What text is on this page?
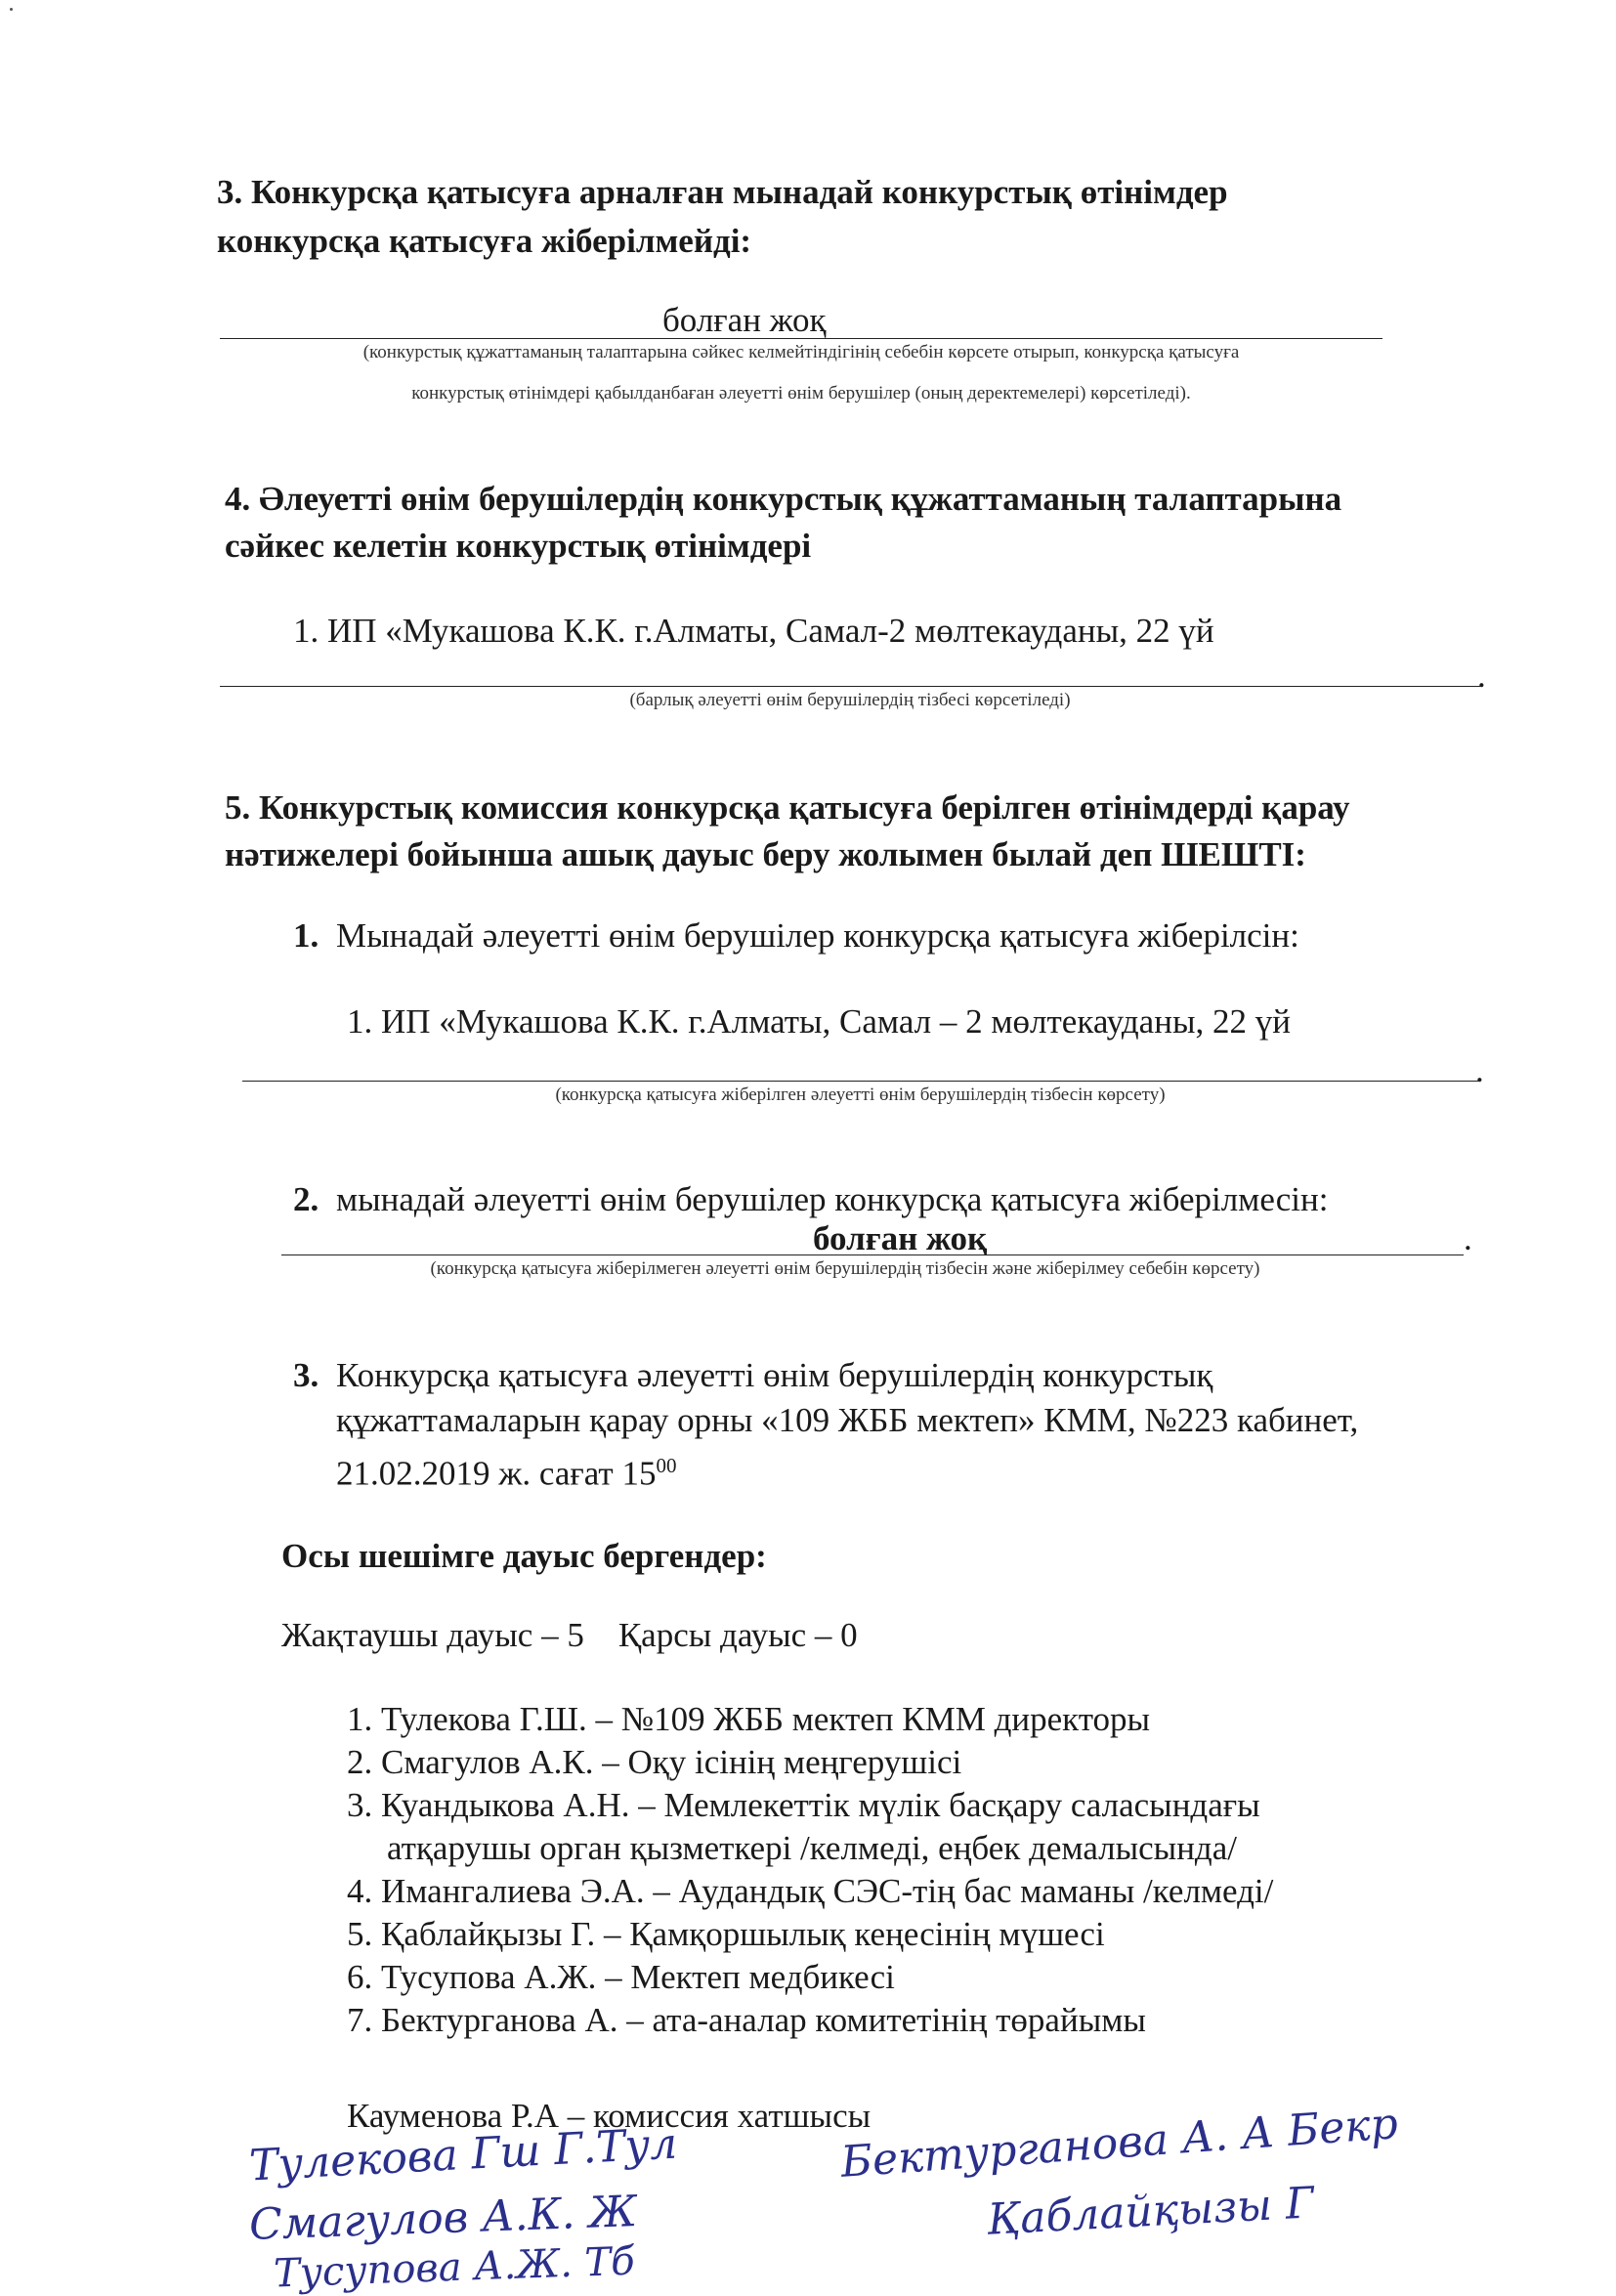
3. Конкурсқа қатысуға арналған мынадай конкурстық өтінімдер
конкурсқа қатысуға жіберілмейді:
болған жоқ
(конкурстық құжаттаманың талаптарына сәйкес келмейтіндігінің себебін көрсете отырып, конкурсқа қатысуға
конкурстық өтінімдері қабылданбаған әлеуетті өнім берушілер (оның деректемелері) көрсетіледі).
4. Әлеуетті өнім берушілердің конкурстық құжаттаманың талаптарына
сәйкес келетін конкурстық өтінімдері
1. ИП «Мукашова К.К. г.Алматы, Самал-2 мөлтекауданы, 22 үй
.
(барлық әлеуетті өнім берушілердің тізбесі көрсетіледі)
5. Конкурстық комиссия конкурсқа қатысуға берілген өтінімдерді қарау
нәтижелері бойынша ашық дауыс беру жолымен былай деп ШЕШТІ:
1. Мынадай әлеуетті өнім берушілер конкурсқа қатысуға жіберілсін:
1. ИП «Мукашова К.К. г.Алматы, Самал – 2 мөлтекауданы, 22 үй
.
(конкурсқа қатысуға жіберілген әлеуетті өнім берушілердің тізбесін көрсету)
2. мынадай әлеуетті өнім берушілер конкурсқа қатысуға жіберілмесін:
болған жоқ	.
(конкурсқа қатысуға жіберілмеген әлеуетті өнім берушілердің тізбесін және жіберілмеу себебін көрсету)
3. Конкурсқа қатысуға әлеуетті өнім берушілердің конкурстық
құжаттамаларын қарау орны «109 ЖББ мектеп» КММ, №223 кабинет,
21.02.2019 ж. сағат $15^{00}$
Осы шешімге дауыс бергендер:
Жақтаушы дауыс – 5    Қарсы дауыс – 0
1. Тулекова Г.Ш. – №109 ЖББ мектеп КММ директоры
2. Смагулов А.К. – Оқу ісінің меңгерушісі
3. Куандыкова А.Н. – Мемлекеттік мүлік басқару саласындағы
атқарушы орган қызметкері /келмеді, еңбек демалысында/
4. Имангалиева Э.А. – Аудандық СЭС-тің бас маманы /келмеді/
5. Қаблайқызы Г. – Қамқоршылық кеңесінің мүшесі
6. Тусупова А.Ж. – Мектеп медбикесі
7. Бектурганова А. – ата-аналар комитетінің төрайымы
Кауменова Р.А – комиссия хатшысы
Тулекова Гш Г.Тул
Смагулов А.К. Ж
Бектурганова А. А Бекр
Қаблайқызы Г
Тусупова А.Ж. Тб
